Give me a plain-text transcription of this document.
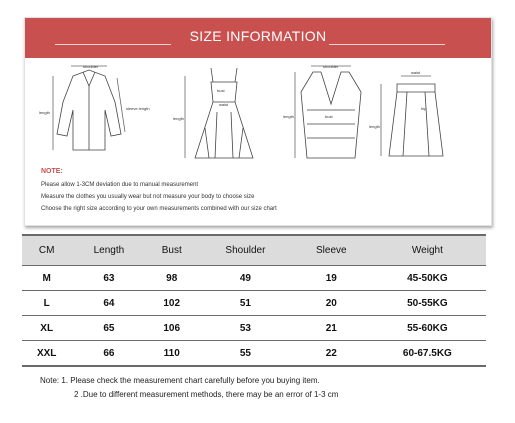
SIZE INFORMATION
shoulder
sleeve length
length
bust
waist
length
shoulder
bust
length
waist
hip
length
NOTE:
Please allow 1-3CM deviation due to manual measurement
Measure the clothes you usually wear but not measure your body to choose size
Choose the right size according to your own measurements combined with our size chart
CM	Length	Bust	Shoulder	Sleeve	Weight
M	63	98	49	19	45-50KG
L	64	102	51	20	50-55KG
XL	65	106	53	21	55-60KG
XXL	66	110	55	22	60-67.5KG
Note: 1. Please check the measurement chart carefully before you buying item.
2 .Due to different measurement methods, there may be an error of 1-3 cm
